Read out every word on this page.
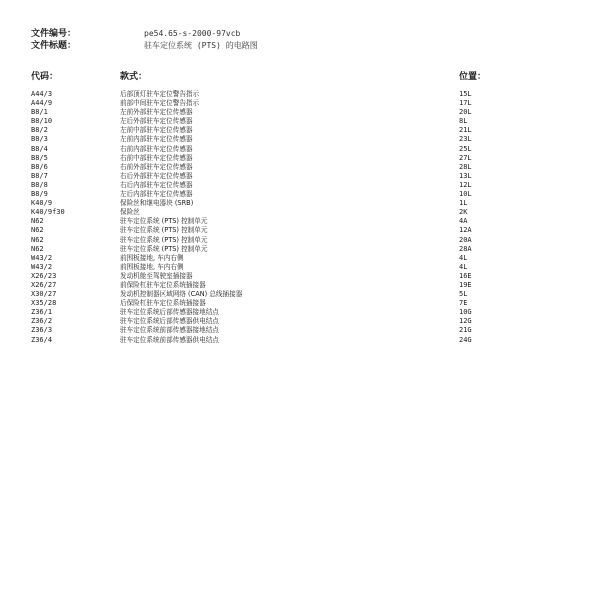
文件编号：	pe54.65-s-2000-97vcb
文件标题：	驻车定位系统 (PTS) 的电路图
代码：	款式：	位置：
A44/3	后部顶灯驻车定位警告指示	15L
A44/9	前部中间驻车定位警告指示	17L
B8/1	左前外部驻车定位传感器	20L
B8/10	左后外部驻车定位传感器	8L
B8/2	左前中部驻车定位传感器	21L
B8/3	左前内部驻车定位传感器	23L
B8/4	右前内部驻车定位传感器	25L
B8/5	右前中部驻车定位传感器	27L
B8/6	右前外部驻车定位传感器	28L
B8/7	右后外部驻车定位传感器	13L
B8/8	右后内部驻车定位传感器	12L
B8/9	左后内部驻车定位传感器	10L
K40/9	保险丝和继电器块 (SRB)	1L
K40/9f30	保险丝	2K
N62	驻车定位系统 (PTS) 控制单元	4A
N62	驻车定位系统 (PTS) 控制单元	12A
N62	驻车定位系统 (PTS) 控制单元	20A
N62	驻车定位系统 (PTS) 控制单元	28A
W43/2	前围板接地, 车内右侧	4L
W43/2	前围板接地, 车内右侧	4L
X26/23	发动机舱至驾驶室插接器	16E
X26/27	前保险杠驻车定位系统插接器	19E
X30/27	发动机控制器区域网络 (CAN) 总线插接器	5L
X35/28	后保险杠驻车定位系统插接器	7E
Z36/1	驻车定位系统后部传感器接地结点	10G
Z36/2	驻车定位系统后部传感器供电结点	12G
Z36/3	驻车定位系统前部传感器接地结点	21G
Z36/4	驻车定位系统前部传感器供电结点	24G
